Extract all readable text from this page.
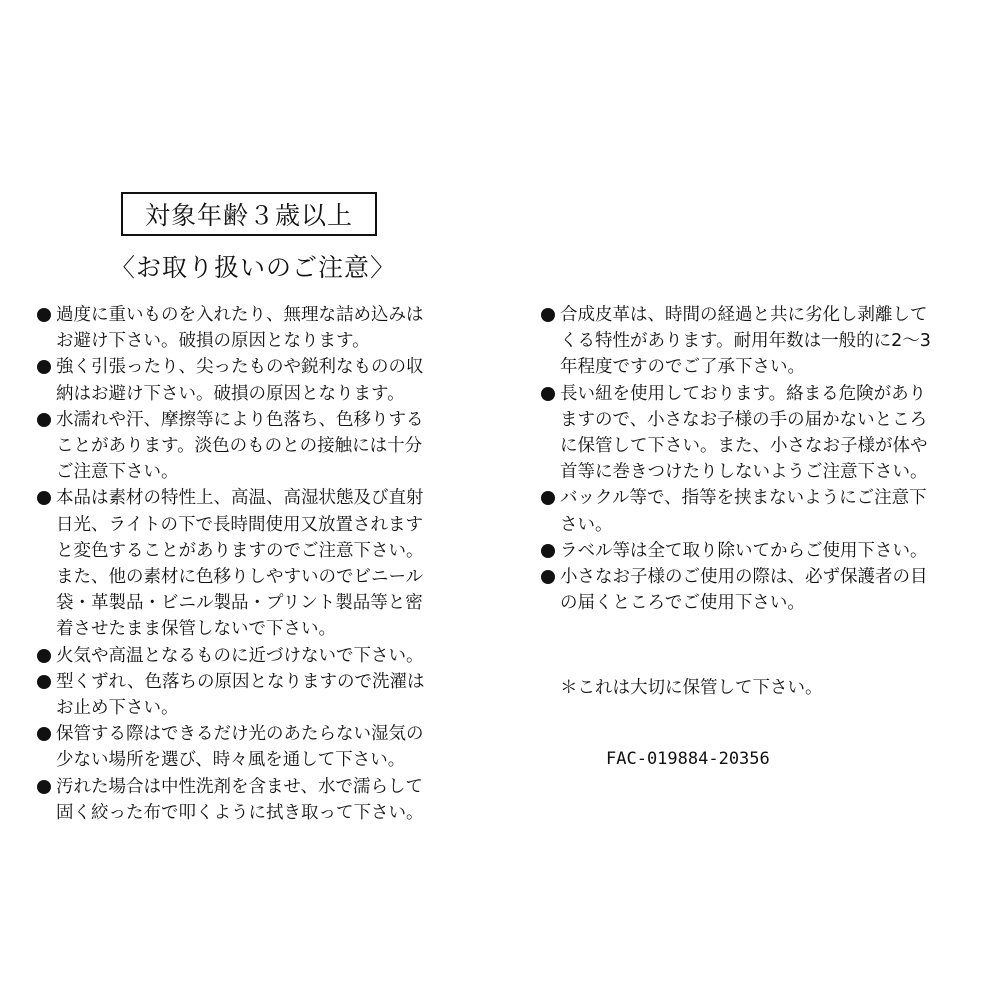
対象年齢３歳以上
〈お取り扱いのご注意〉
過度に重いものを入れたり、無理な詰め込みは
お避け下さい。破損の原因となります。
強く引張ったり、尖ったものや鋭利なものの収
納はお避け下さい。破損の原因となります。
水濡れや汗、摩擦等により色落ち、色移りする
ことがあります。淡色のものとの接触には十分
ご注意下さい。
本品は素材の特性上、高温、高湿状態及び直射
日光、ライトの下で長時間使用又放置されます
と変色することがありますのでご注意下さい。
また、他の素材に色移りしやすいのでビニール
袋・革製品・ビニル製品・プリント製品等と密
着させたまま保管しないで下さい。
火気や高温となるものに近づけないで下さい。
型くずれ、色落ちの原因となりますので洗濯は
お止め下さい。
保管する際はできるだけ光のあたらない湿気の
少ない場所を選び、時々風を通して下さい。
汚れた場合は中性洗剤を含ませ、水で濡らして
固く絞った布で叩くように拭き取って下さい。
合成皮革は、時間の経過と共に劣化し剥離して
くる特性があります。耐用年数は一般的に2〜3
年程度ですのでご了承下さい。
長い紐を使用しております。絡まる危険があり
ますので、小さなお子様の手の届かないところ
に保管して下さい。また、小さなお子様が体や
首等に巻きつけたりしないようご注意下さい。
バックル等で、指等を挟まないようにご注意下
さい。
ラベル等は全て取り除いてからご使用下さい。
小さなお子様のご使用の際は、必ず保護者の目
の届くところでご使用下さい。
＊これは大切に保管して下さい。
FAC-019884-20356
